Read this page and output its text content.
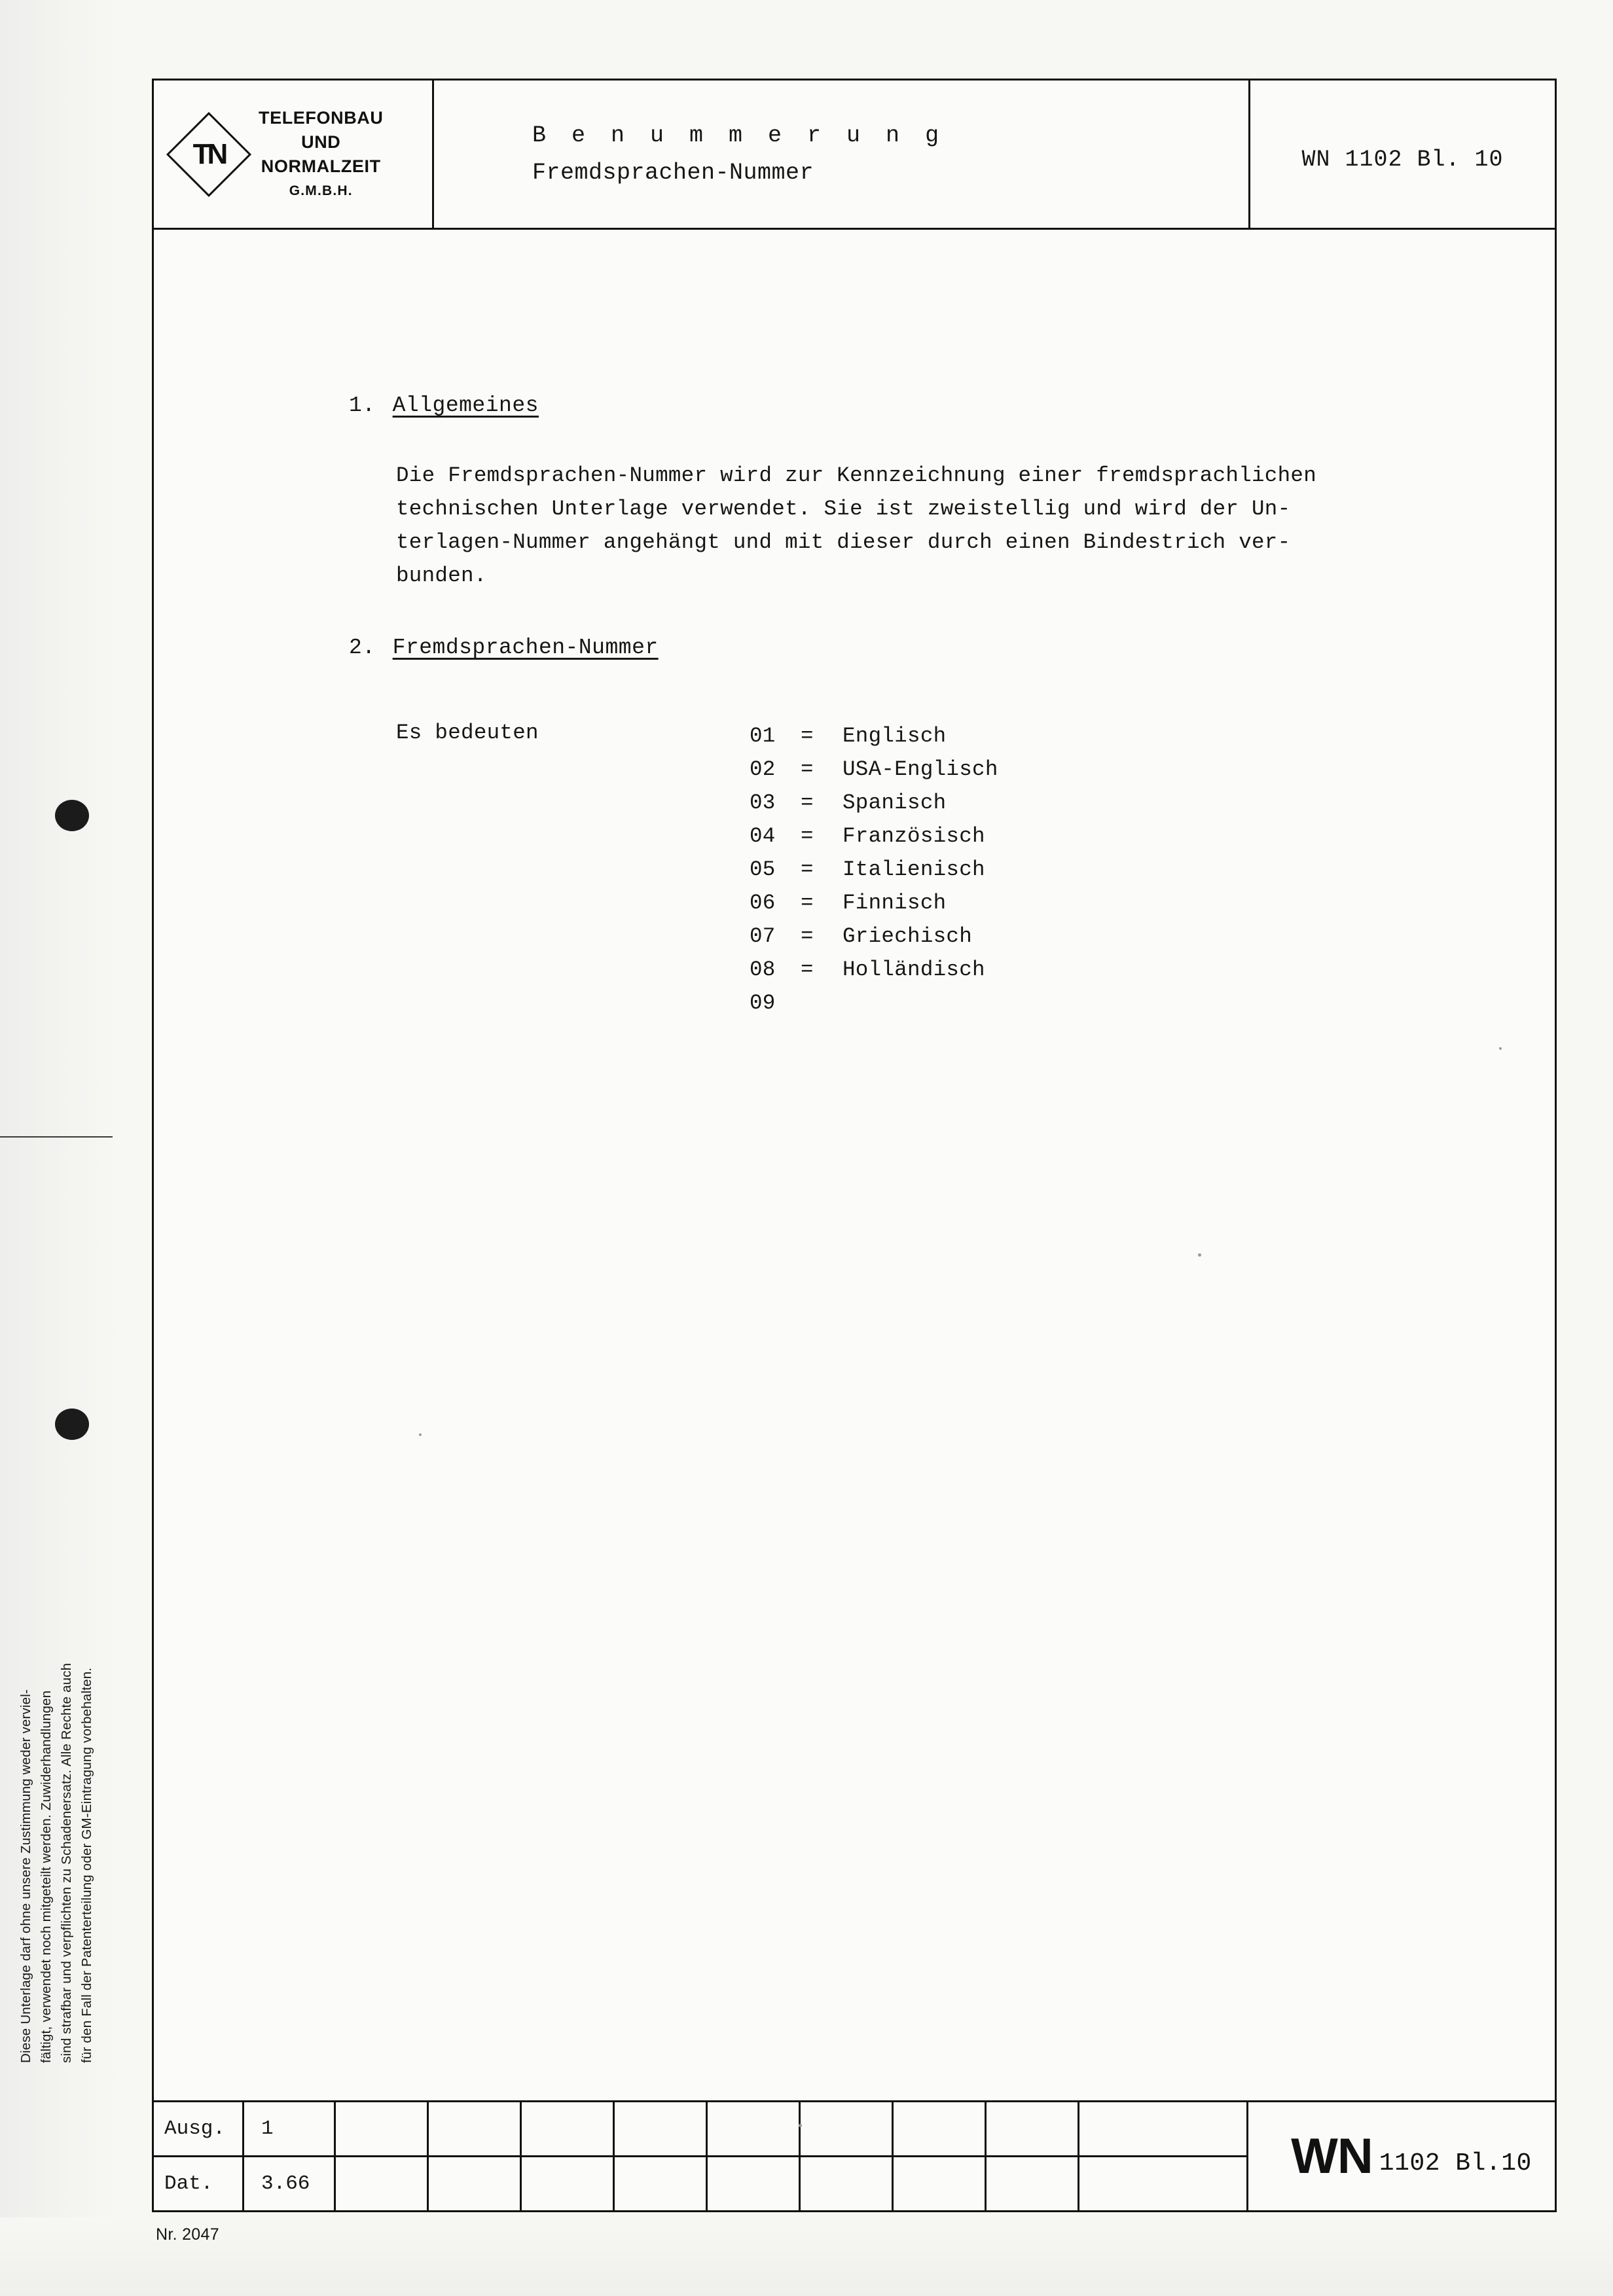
Diese Unterlage darf ohne unsere Zustimmung weder verviel- fältigt, verwendet noch mitgeteilt werden. Zuwiderhandlungen sind strafbar und verpflichten zu Schadenersatz. Alle Rechte auch für den Fall der Patenterteilung oder GM-Eintragung vorbehalten.
TN
TELEFONBAU
UND
NORMALZEIT
G.M.B.H.
B e n u m m e r u n g
Fremdsprachen-Nummer
WN 1102 Bl. 10
1. Allgemeines
Die Fremdsprachen-Nummer wird zur Kennzeichnung einer fremdsprachlichen
technischen Unterlage verwendet. Sie ist zweistellig und wird der Un-
terlagen-Nummer angehängt und mit dieser durch einen Bindestrich ver-
bunden.
2. Fremdsprachen-Nummer
Es bedeuten	01 = Englisch
02 = USA-Englisch
03 = Spanisch
04 = Französisch
05 = Italienisch
06 = Finnisch
07 = Griechisch
08 = Holländisch
09
Ausg.	1
Dat.	3.66	WN 1102 Bl.10
Nr. 2047
